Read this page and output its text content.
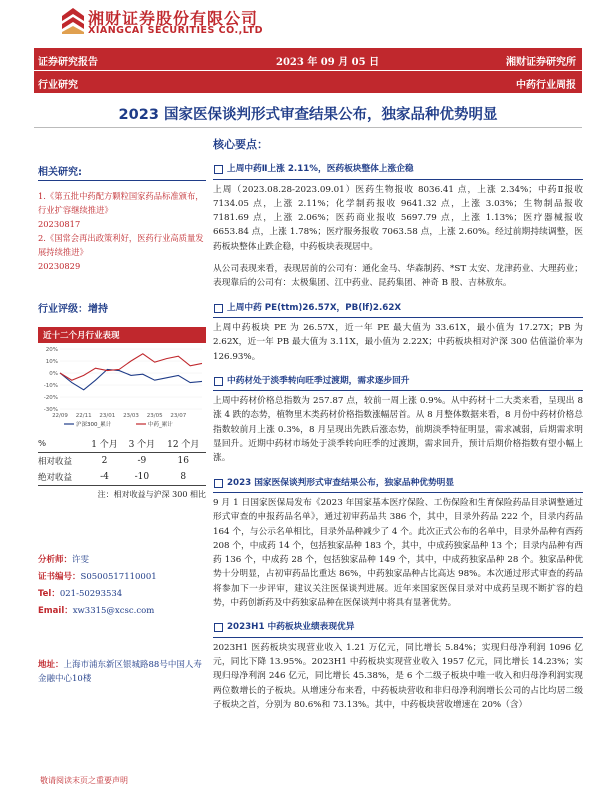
湘财证券股份有限公司
XIANGCAI SECURITIES CO.,LTD
证券研究报告	2023 年 09 月 05 日	湘财证券研究所
行业研究	中药行业周报
2023 国家医保谈判形式审查结果公布，独家品种优势明显
相关研究:

1.《第五批中药配方颗粒国家药品标准颁布，行业扩容继续推进》

20230817

2.《国常会再出政策利好，医药行业高质量发展持续推进》

20230829

行业评级：增持
近十二个月行业表现
20%
10%
0%
-10%
-20%
-30%
22/09 22/11 23/01 23/03 23/05 23/07
沪深300_累计	中药_累计
%	1 个月	3 个月	12 个月
相对收益	2	-9	16
绝对收益	-4	-10	8
注：相对收益与沪深 300 相比
分析师：许雯
证书编号：S0500517110001
Tel：021-50293534
Email：xw3315@xcsc.com
地址：上海市浦东新区银城路88号中国人寿金融中心10楼
核心要点：
上周中药Ⅱ上涨 2.11%，医药板块整体上涨企稳

上周（2023.08.28-2023.09.01）医药生物报收 8036.41 点，上涨 2.34%；中药Ⅱ报收 7134.05 点，上涨 2.11%；化学制药报收 9641.32 点，上涨 3.03%；生物制品报收 7181.69 点，上涨 2.06%；医药商业报收 5697.79 点，上涨 1.13%；医疗器械报收 6653.84 点，上涨 1.78%；医疗服务报收 7063.58 点，上涨 2.60%。经过前期持续调整，医药板块整体止跌企稳，中药板块表现居中。

从公司表现来看，表现居前的公司有：通化金马、华森制药、*ST 太安、龙津药业、大理药业；表现靠后的公司有：太极集团、江中药业、昆药集团、神奇 B 股、吉林敖东。

上周中药 PE(ttm)26.57X，PB(lf)2.62X

上周中药板块 PE 为 26.57X，近一年 PE 最大值为 33.61X，最小值为 17.27X；PB 为 2.62X，近一年 PB 最大值为 3.11X，最小值为 2.22X；中药板块相对沪深 300 估值溢价率为 126.93%。

中药材处于淡季转向旺季过渡期，需求逐步回升

上周中药材价格总指数为 257.87 点，较前一周上涨 0.9%。从中药材十二大类来看，呈现出 8 涨 4 跌的态势，植物里木类药材价格指数涨幅居首。从 8 月整体数据来看，8 月份中药材价格总指数较前月上涨 0.3%，8 月呈现出先跌后涨态势，前期淡季特征明显，需求减弱，后期需求明显回升。近期中药材市场处于淡季转向旺季的过渡期，需求回升，预计后期价格指数有望小幅上涨。

2023 国家医保谈判形式审查结果公布，独家品种优势明显

9 月 1 日国家医保局发布《2023 年国家基本医疗保险、工伤保险和生育保险药品目录调整通过形式审查的申报药品名单》，通过初审药品共 386 个，其中，目录外药品 222 个，目录内药品 164 个，与公示名单相比，目录外品种减少了 4 个。此次正式公布的名单中，目录外品种有西药 208 个，中成药 14 个，包括独家品种 183 个，其中，中成药独家品种 13 个；目录内品种有西药 136 个，中成药 28 个，包括独家品种 149 个，其中，中成药独家品种 28 个。独家品种优势十分明显，占初审药品比重达 86%，中药独家品种占比高达 98%。本次通过形式审查的药品将参加下一步评审，建议关注医保谈判进展。近年来国家医保目录对中成药呈现不断扩容的趋势，中药创新药及中药独家品种在医保谈判中将具有显著优势。

2023H1 中药板块业绩表现优异

2023H1 医药板块实现营业收入 1.21 万亿元，同比增长 5.84%；实现归母净利润 1096 亿元，同比下降 13.95%。2023H1 中药板块实现营业收入 1957 亿元，同比增长 14.23%；实现归母净利润 246 亿元，同比增长 45.38%，是 6 个二级子板块中唯一收入和归母净利润实现两位数增长的子板块。从增速分布来看，中药板块营收和非归母净利润增长公司的占比均居二级子板块之首，分别为 80.6%和 73.13%。其中，中药板块营收增速在 20%（含）

敬请阅读末页之重要声明
